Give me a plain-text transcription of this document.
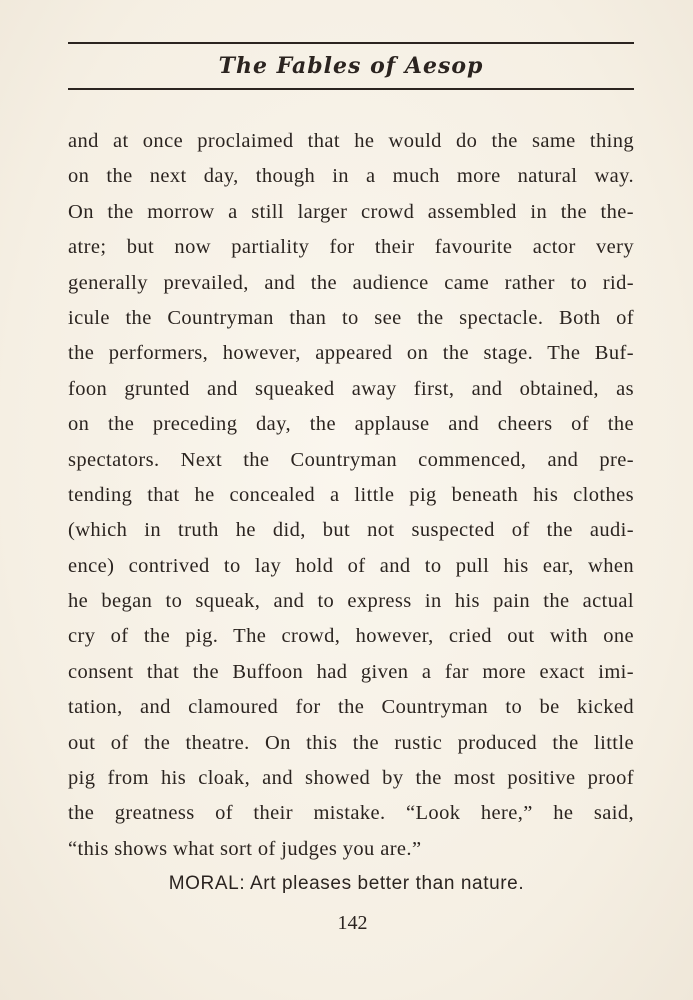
The Fables of Aesop
and at once proclaimed that he would do the same thing
on the next day, though in a much more natural way.
On the morrow a still larger crowd assembled in the the-
atre; but now partiality for their favourite actor very
generally prevailed, and the audience came rather to rid-
icule the Countryman than to see the spectacle. Both of
the performers, however, appeared on the stage. The Buf-
foon grunted and squeaked away first, and obtained, as
on the preceding day, the applause and cheers of the
spectators. Next the Countryman commenced, and pre-
tending that he concealed a little pig beneath his clothes
(which in truth he did, but not suspected of the audi-
ence) contrived to lay hold of and to pull his ear, when
he began to squeak, and to express in his pain the actual
cry of the pig. The crowd, however, cried out with one
consent that the Buffoon had given a far more exact imi-
tation, and clamoured for the Countryman to be kicked
out of the theatre. On this the rustic produced the little
pig from his cloak, and showed by the most positive proof
the greatness of their mistake. “Look here,” he said,
“this shows what sort of judges you are.”
MORAL: Art pleases better than nature.
142
